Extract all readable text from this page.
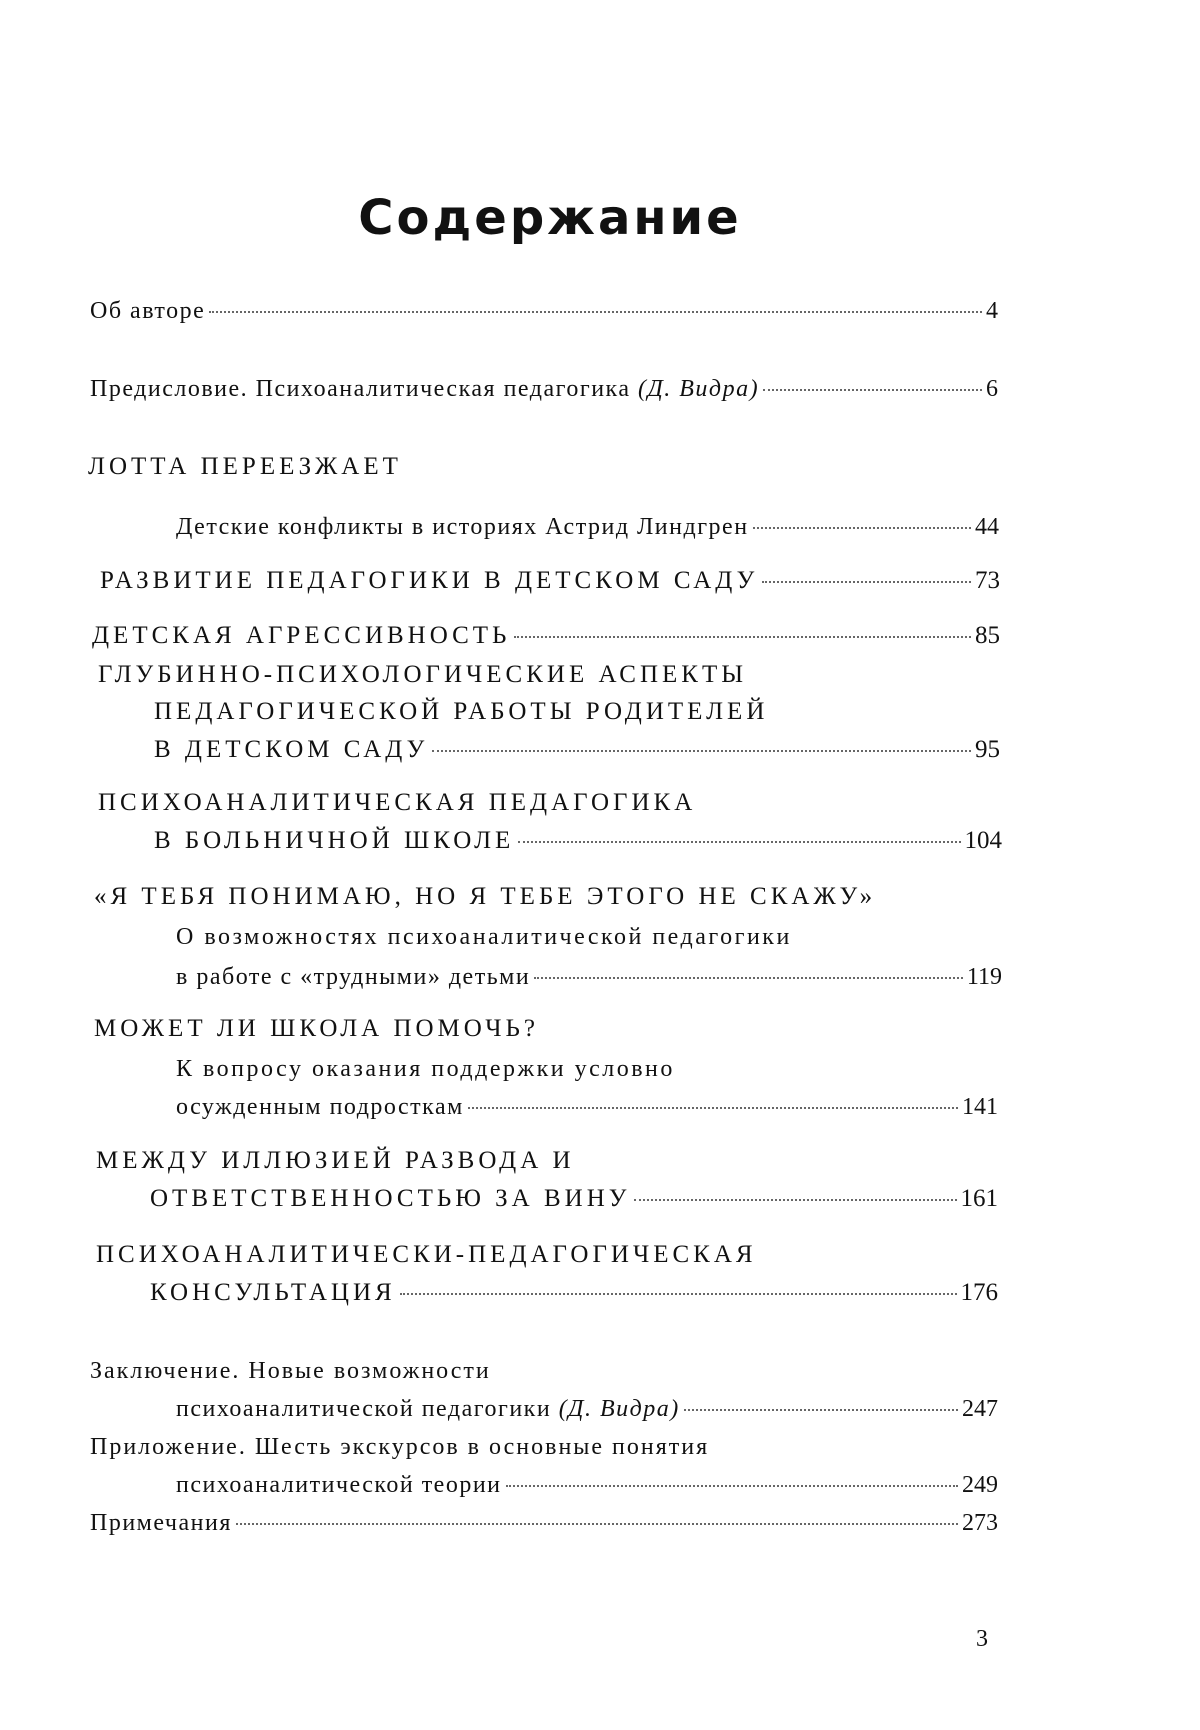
Содержание
Об авторе	4
Предисловие. Психоаналитическая педагогика (Д. Видра)	6
ЛОТТА ПЕРЕЕЗЖАЕТ
Детские конфликты в историях Астрид Линдгрен	44
РАЗВИТИЕ ПЕДАГОГИКИ В ДЕТСКОМ САДУ	73
ДЕТСКАЯ АГРЕССИВНОСТЬ	85
ГЛУБИННО-ПСИХОЛОГИЧЕСКИЕ АСПЕКТЫ
ПЕДАГОГИЧЕСКОЙ РАБОТЫ РОДИТЕЛЕЙ
В ДЕТСКОМ САДУ	95
ПСИХОАНАЛИТИЧЕСКАЯ ПЕДАГОГИКА
В БОЛЬНИЧНОЙ ШКОЛЕ	104
«Я ТЕБЯ ПОНИМАЮ, НО Я ТЕБЕ ЭТОГО НЕ СКАЖУ»
О возможностях психоаналитической педагогики
в работе с «трудными» детьми	119
МОЖЕТ ЛИ ШКОЛА ПОМОЧЬ?
К вопросу оказания поддержки условно
осужденным подросткам	141
МЕЖДУ ИЛЛЮЗИЕЙ РАЗВОДА И
ОТВЕТСТВЕННОСТЬЮ ЗА ВИНУ	161
ПСИХОАНАЛИТИЧЕСКИ-ПЕДАГОГИЧЕСКАЯ
КОНСУЛЬТАЦИЯ	176
Заключение. Новые возможности
психоаналитической педагогики (Д. Видра)	247
Приложение. Шесть экскурсов в основные понятия
психоаналитической теории	249
Примечания	273
3
